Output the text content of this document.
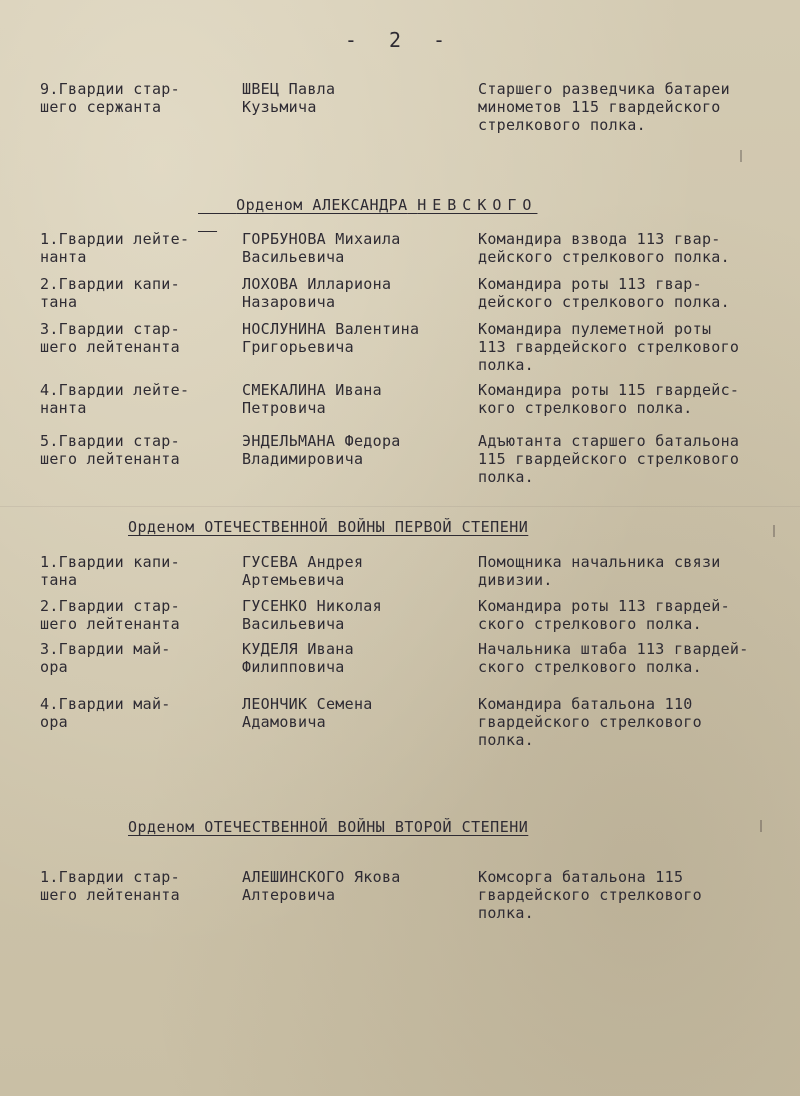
- 2 -
9.Гвардии стар-
шего сержанта
ШВЕЦ Павла
Кузьмича
Старшего разведчика батареи
минометов 115 гвардейского
стрелкового полка.

Орденом АЛЕКСАНДРА НЕВСКОГО

1.Гвардии лейте-
нанта
ГОРБУНОВА Михаила
Васильевича
Командира взвода 113 гвар-
дейского стрелкового полка.
2.Гвардии капи-
тана
ЛОХОВА Иллариона
Назаровича
Командира роты 113 гвар-
дейского стрелкового полка.
3.Гвардии стар-
шего лейтенанта
НОСЛУНИНА Валентина
Григорьевича
Командира пулеметной роты
113 гвардейского стрелкового
полка.
4.Гвардии лейте-
нанта
СМЕКАЛИНА Ивана
Петровича
Командира роты 115 гвардейс-
кого стрелкового полка.
5.Гвардии стар-
шего лейтенанта
ЭНДЕЛЬМАНА Федора
Владимировича
Адъютанта старшего батальона
115 гвардейского стрелкового
полка.
Орденом ОТЕЧЕСТВЕННОЙ ВОЙНЫ ПЕРВОЙ СТЕПЕНИ
1.Гвардии капи-
тана
ГУСЕВА Андрея
Артемьевича
Помощника начальника связи
дивизии.
2.Гвардии стар-
шего лейтенанта
ГУСЕНКО Николая
Васильевича
Командира роты 113 гвардей-
ского стрелкового полка.
3.Гвардии май-
ора
КУДЕЛЯ Ивана
Филипповича
Начальника штаба 113 гвардей-
ского стрелкового полка.
4.Гвардии май-
ора
ЛЕОНЧИК Семена
Адамовича
Командира батальона 110
гвардейского стрелкового
полка.
Орденом ОТЕЧЕСТВЕННОЙ ВОЙНЫ ВТОРОЙ СТЕПЕНИ
1.Гвардии стар-
шего лейтенанта
АЛЕШИНСКОГО Якова
Алтеровича
Комсорга батальона 115
гвардейского стрелкового
полка.
